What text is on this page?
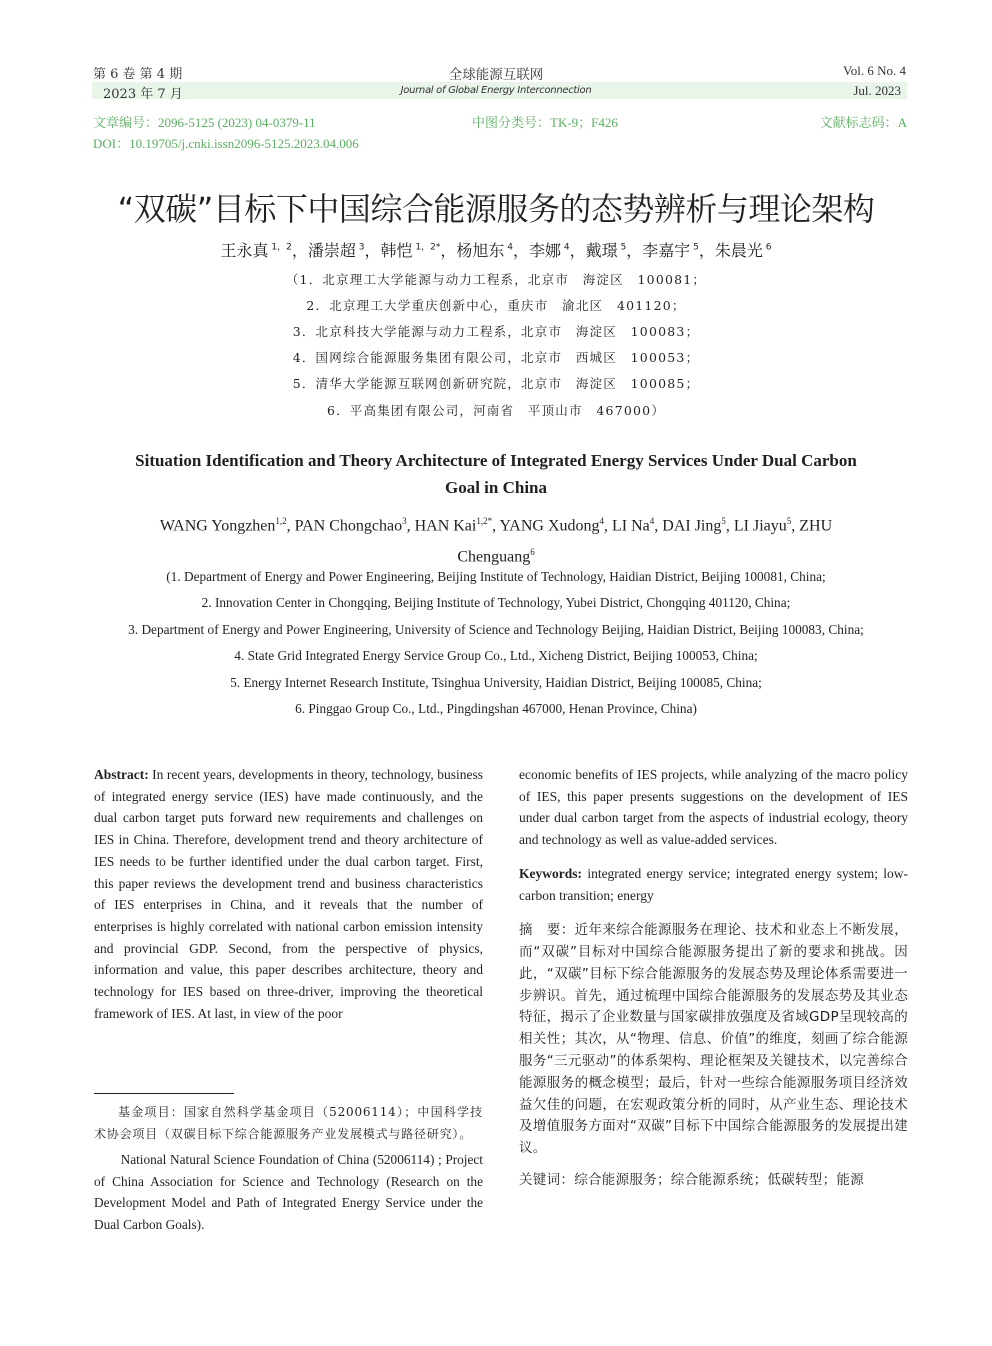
第 6 卷 第 4 期
2023 年 7 月
全球能源互联网
Journal of Global Energy Interconnection
Vol. 6 No. 4
Jul. 2023
文章编号：2096-5125 (2023) 04-0379-11	中图分类号：TK-9；F426	文献标志码：A
DOI：10.19705/j.cnki.issn2096-5125.2023.04.006
“双碳”目标下中国综合能源服务的态势辨析与理论架构
王永真 $^{1,2}$，潘崇超 $^3$，韩恺 $^{1,2*}$，杨旭东 $^4$，李娜 $^4$，戴璟 $^5$，李嘉宇 $^5$，朱晨光 $^6$
（1．北京理工大学能源与动力工程系，北京市　海淀区　100081；
2．北京理工大学重庆创新中心，重庆市　渝北区　401120；
3．北京科技大学能源与动力工程系，北京市　海淀区　100083；
4．国网综合能源服务集团有限公司，北京市　西城区　100053；
5．清华大学能源互联网创新研究院，北京市　海淀区　100085；
6．平高集团有限公司，河南省　平顶山市　467000）
Situation Identification and Theory Architecture of Integrated Energy Services Under Dual Carbon Goal in China
WANG Yongzhen$^{1,2}$, PAN Chongchao$^3$, HAN Kai$^{1,2*}$, YANG Xudong$^4$, LI Na$^4$, DAI Jing$^5$, LI Jiayu$^5$, ZHU Chenguang$^6$
(1. Department of Energy and Power Engineering, Beijing Institute of Technology, Haidian District, Beijing 100081, China;
2. Innovation Center in Chongqing, Beijing Institute of Technology, Yubei District, Chongqing 401120, China;
3. Department of Energy and Power Engineering, University of Science and Technology Beijing, Haidian District, Beijing 100083, China;
4. State Grid Integrated Energy Service Group Co., Ltd., Xicheng District, Beijing 100053, China;
5. Energy Internet Research Institute, Tsinghua University, Haidian District, Beijing 100085, China;
6. Pinggao Group Co., Ltd., Pingdingshan 467000, Henan Province, China)

Abstract: In recent years, developments in theory, technology, business of integrated energy service (IES) have made continuously, and the dual carbon target puts forward new requirements and challenges on IES in China. Therefore, development trend and theory architecture of IES needs to be further identified under the dual carbon target. First, this paper reviews the development trend and business characteristics of IES enterprises in China, and it reveals that the number of enterprises is highly correlated with national carbon emission intensity and provincial GDP. Second, from the perspective of physics, information and value, this paper describes architecture, theory and technology for IES based on three-driver, improving the theoretical framework of IES. At last, in view of the poor

economic benefits of IES projects, while analyzing of the macro policy of IES, this paper presents suggestions on the development of IES under dual carbon target from the aspects of industrial ecology, theory and technology as well as value-added services.

Keywords: integrated energy service; integrated energy system; low-carbon transition; energy

摘　要：近年来综合能源服务在理论、技术和业态上不断发展，而“双碳”目标对中国综合能源服务提出了新的要求和挑战。因此，“双碳”目标下综合能源服务的发展态势及理论体系需要进一步辨识。首先，通过梳理中国综合能源服务的发展态势及其业态特征，揭示了企业数量与国家碳排放强度及省域GDP呈现较高的相关性；其次，从“物理、信息、价值”的维度，刻画了综合能源服务“三元驱动”的体系架构、理论框架及关键技术，以完善综合能源服务的概念模型；最后，针对一些综合能源服务项目经济效益欠佳的问题，在宏观政策分析的同时，从产业生态、理论技术及增值服务方面对“双碳”目标下中国综合能源服务的发展提出建议。

关键词：综合能源服务；综合能源系统；低碳转型；能源

基金项目：国家自然科学基金项目（52006114）；中国科学技术协会项目（双碳目标下综合能源服务产业发展模式与路径研究）。

National Natural Science Foundation of China (52006114) ; Project of China Association for Science and Technology (Research on the Development Model and Path of Integrated Energy Service under the Dual Carbon Goals).
